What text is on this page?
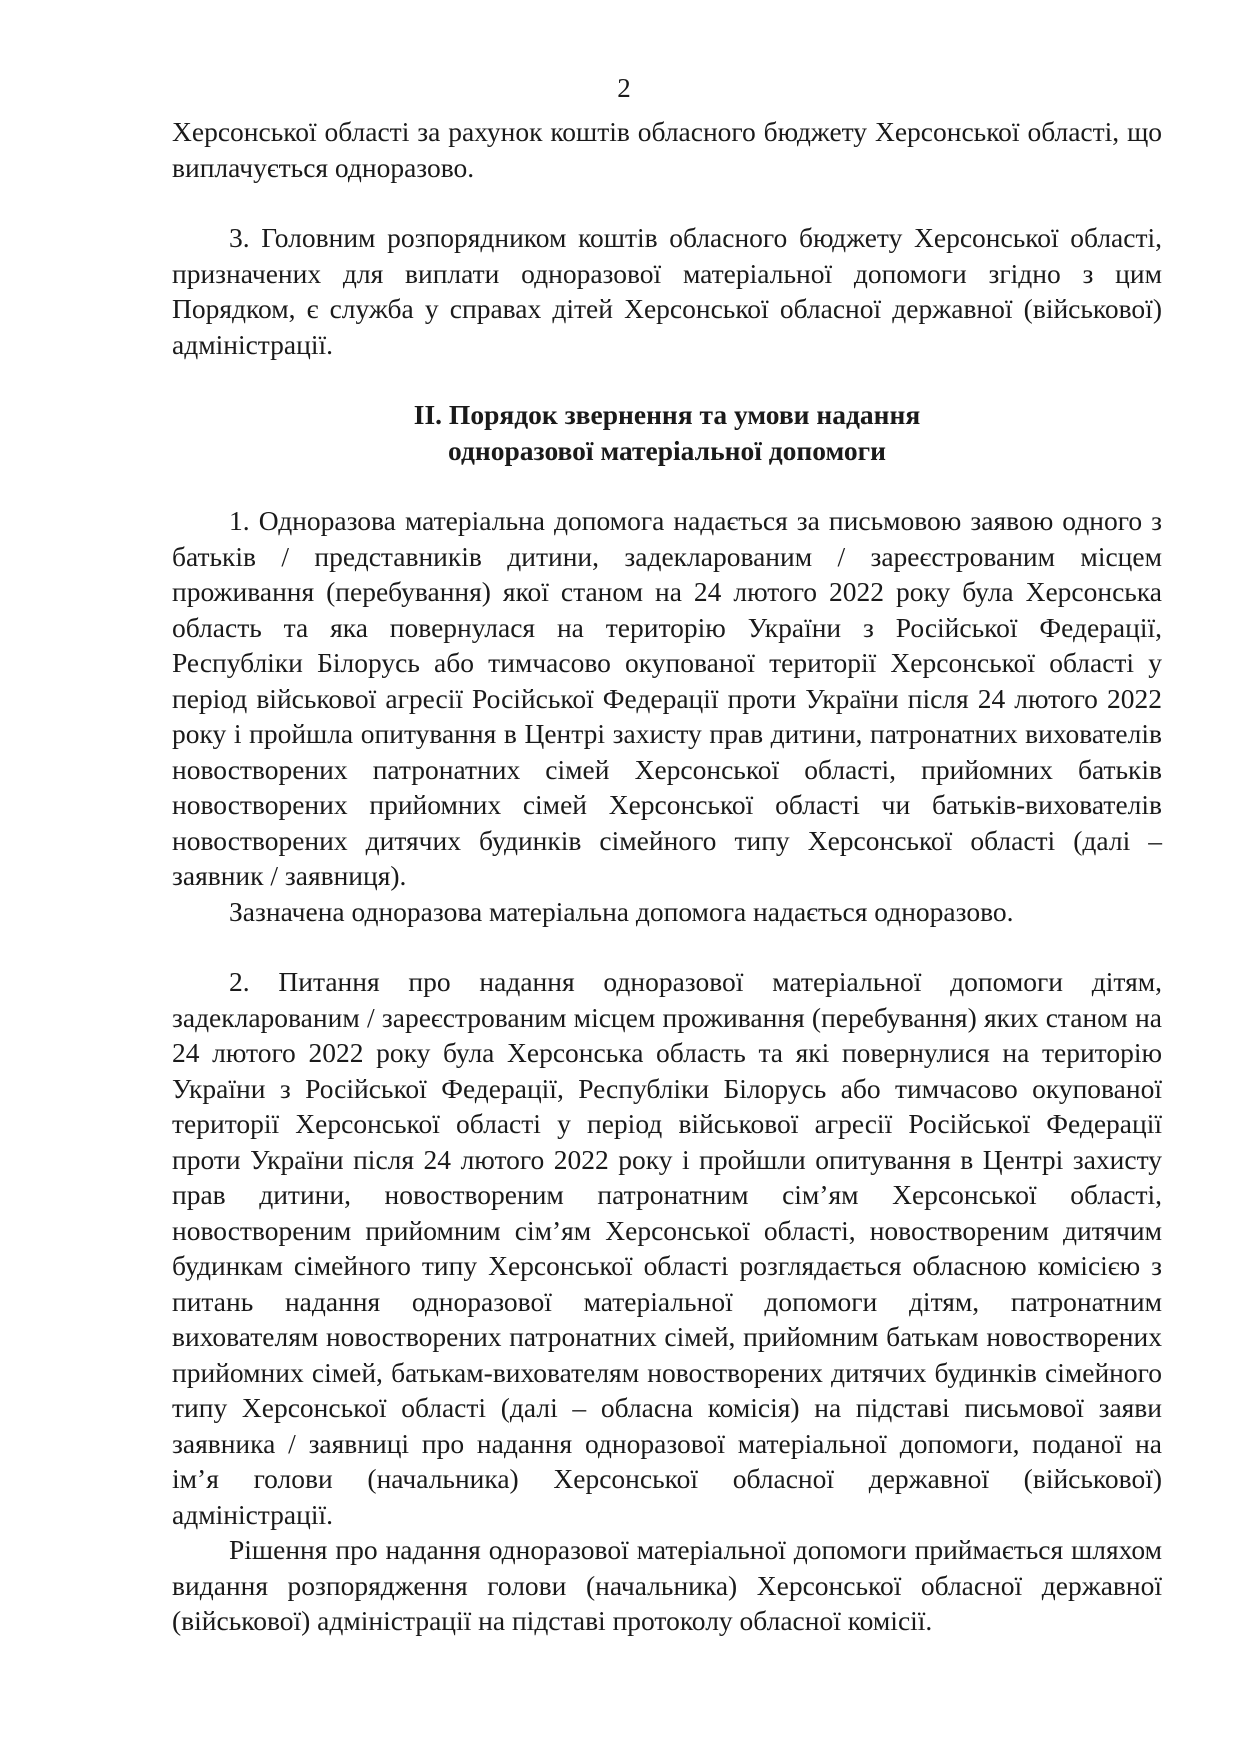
2

Херсонської області за рахунок коштів обласного бюджету Херсонської області, що виплачується одноразово.

3. Головним розпорядником коштів обласного бюджету Херсонської області, призначених для виплати одноразової матеріальної допомоги згідно з цим Порядком, є служба у справах дітей Херсонської обласної державної (військової) адміністрації.

II. Порядок звернення та умови надання
одноразової матеріальної допомоги

1. Одноразова матеріальна допомога надається за письмовою заявою одного з батьків / представників дитини, задекларованим / зареєстрованим місцем проживання (перебування) якої станом на 24 лютого 2022 року була Херсонська область та яка повернулася на територію України з Російської Федерації, Республіки Білорусь або тимчасово окупованої території Херсонської області у період військової агресії Російської Федерації проти України після 24 лютого 2022 року і пройшла опитування в Центрі захисту прав дитини, патронатних вихователів новостворених патронатних сімей Херсонської області, прийомних батьків новостворених прийомних сімей Херсонської області чи батьків-вихователів новостворених дитячих будинків сімейного типу Херсонської області (далі – заявник / заявниця).

Зазначена одноразова матеріальна допомога надається одноразово.

2. Питання про надання одноразової матеріальної допомоги дітям, задекларованим / зареєстрованим місцем проживання (перебування) яких станом на 24 лютого 2022 року була Херсонська область та які повернулися на територію України з Російської Федерації, Республіки Білорусь або тимчасово окупованої території Херсонської області у період військової агресії Російської Федерації проти України після 24 лютого 2022 року і пройшли опитування в Центрі захисту прав дитини, новоствореним патронатним сім’ям Херсонської області, новоствореним прийомним сім’ям Херсонської області, новоствореним дитячим будинкам сімейного типу Херсонської області розглядається обласною комісією з питань надання одноразової матеріальної допомоги дітям, патронатним вихователям новостворених патронатних сімей, прийомним батькам новостворених прийомних сімей, батькам-вихователям новостворених дитячих будинків сімейного типу Херсонської області (далі – обласна комісія) на підставі письмової заяви заявника / заявниці про надання одноразової матеріальної допомоги, поданої на ім’я голови (начальника) Херсонської обласної державної (військової) адміністрації.

Рішення про надання одноразової матеріальної допомоги приймається шляхом видання розпорядження голови (начальника) Херсонської обласної державної (військової) адміністрації на підставі протоколу обласної комісії.
